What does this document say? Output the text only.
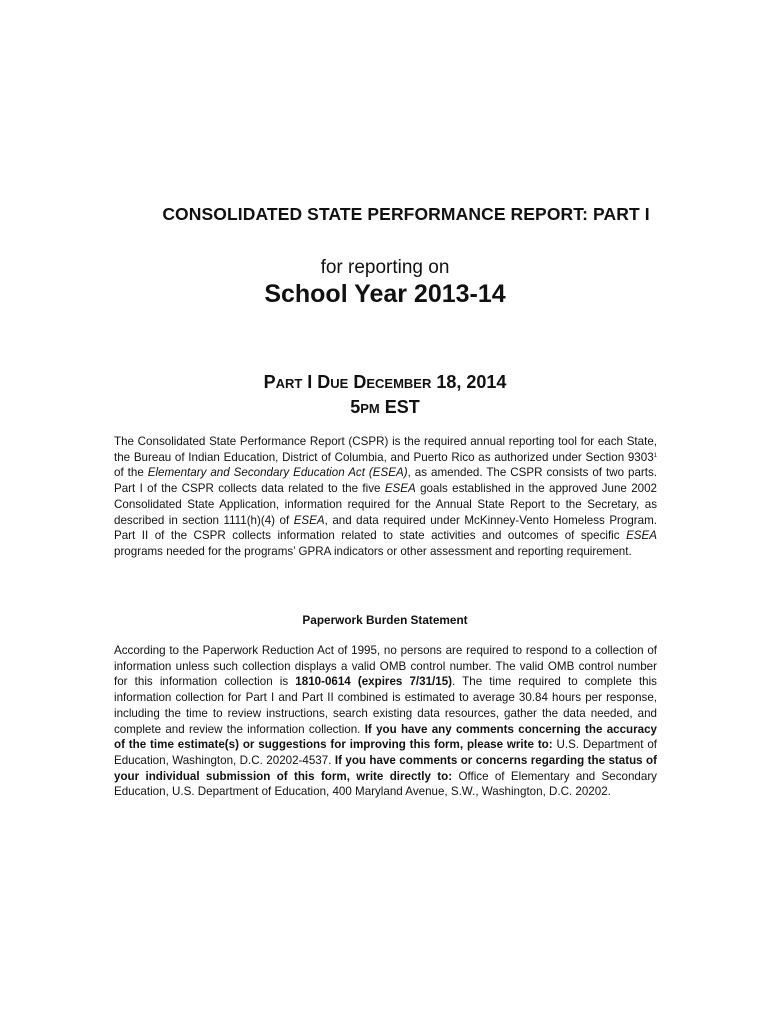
CONSOLIDATED STATE PERFORMANCE REPORT: PART I

for reporting on

School Year 2013-14

Part I Due December 18, 2014

5pm EST

The Consolidated State Performance Report (CSPR) is the required annual reporting tool for each State, the Bureau of Indian Education, District of Columbia, and Puerto Rico as authorized under Section 9303$^1$ of the Elementary and Secondary Education Act (ESEA), as amended. The CSPR consists of two parts. Part I of the CSPR collects data related to the five ESEA goals established in the approved June 2002 Consolidated State Application, information required for the Annual State Report to the Secretary, as described in section 1111(h)(4) of ESEA, and data required under McKinney-Vento Homeless Program. Part II of the CSPR collects information related to state activities and outcomes of specific ESEA programs needed for the programs’ GPRA indicators or other assessment and reporting requirement.

Paperwork Burden Statement

According to the Paperwork Reduction Act of 1995, no persons are required to respond to a collection of information unless such collection displays a valid OMB control number. The valid OMB control number for this information collection is 1810-0614 (expires 7/31/15). The time required to complete this information collection for Part I and Part II combined is estimated to average 30.84 hours per response, including the time to review instructions, search existing data resources, gather the data needed, and complete and review the information collection. If you have any comments concerning the accuracy of the time estimate(s) or suggestions for improving this form, please write to: U.S. Department of Education, Washington, D.C. 20202-4537. If you have comments or concerns regarding the status of your individual submission of this form, write directly to: Office of Elementary and Secondary Education, U.S. Department of Education, 400 Maryland Avenue, S.W., Washington, D.C. 20202.
